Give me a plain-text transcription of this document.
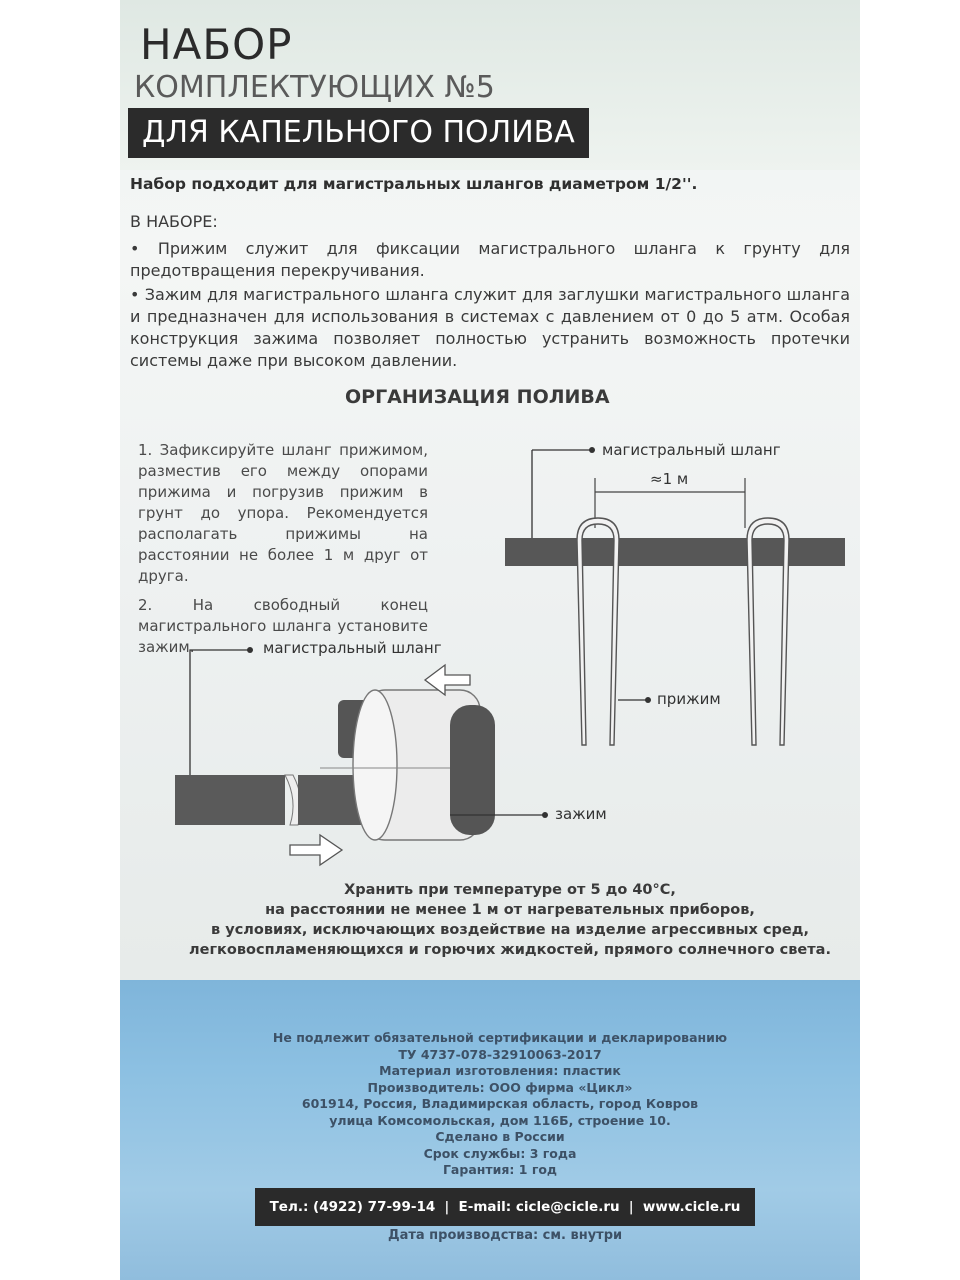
НАБОР
КОМПЛЕКТУЮЩИХ №5
ДЛЯ КАПЕЛЬНОГО ПОЛИВА
Набор подходит для магистральных шлангов диаметром 1/2''.
В НАБОРЕ:

• Прижим служит для фиксации магистрального шланга к грунту для предотвращения перекручивания.

• Зажим для магистрального шланга служит для заглушки магистрального шланга и предназначен для использования в системах с давлением от 0 до 5 атм. Особая конструкция зажима позволяет полностью устранить возможность протечки системы даже при высоком давлении.

ОРГАНИЗАЦИЯ ПОЛИВА

1. Зафиксируйте шланг прижимом, разместив его между опорами прижима и погрузив прижим в грунт до упора. Рекомендуется располагать прижимы на расстоянии не более 1 м друг от друга.

2. На свободный конец магистрального шланга установите зажим.

магистральный шланг
≈1 м
прижим
магистральный шланг
зажим
Хранить при температуре от 5 до 40°С,
на расстоянии не менее 1 м от нагревательных приборов,
в условиях, исключающих воздействие на изделие агрессивных сред,
легковоспламеняющихся и горючих жидкостей, прямого солнечного света.
Не подлежит обязательной сертификации и декларированию
ТУ 4737-078-32910063-2017
Материал изготовления: пластик
Производитель: ООО фирма «Цикл»
601914, Россия, Владимирская область, город Ковров
улица Комсомольская, дом 116Б, строение 10.
Сделано в России
Срок службы: 3 года
Гарантия: 1 год
Тел.: (4922) 77-99-14 | E-mail: cicle@cicle.ru | www.cicle.ru
Дата производства: см. внутри
